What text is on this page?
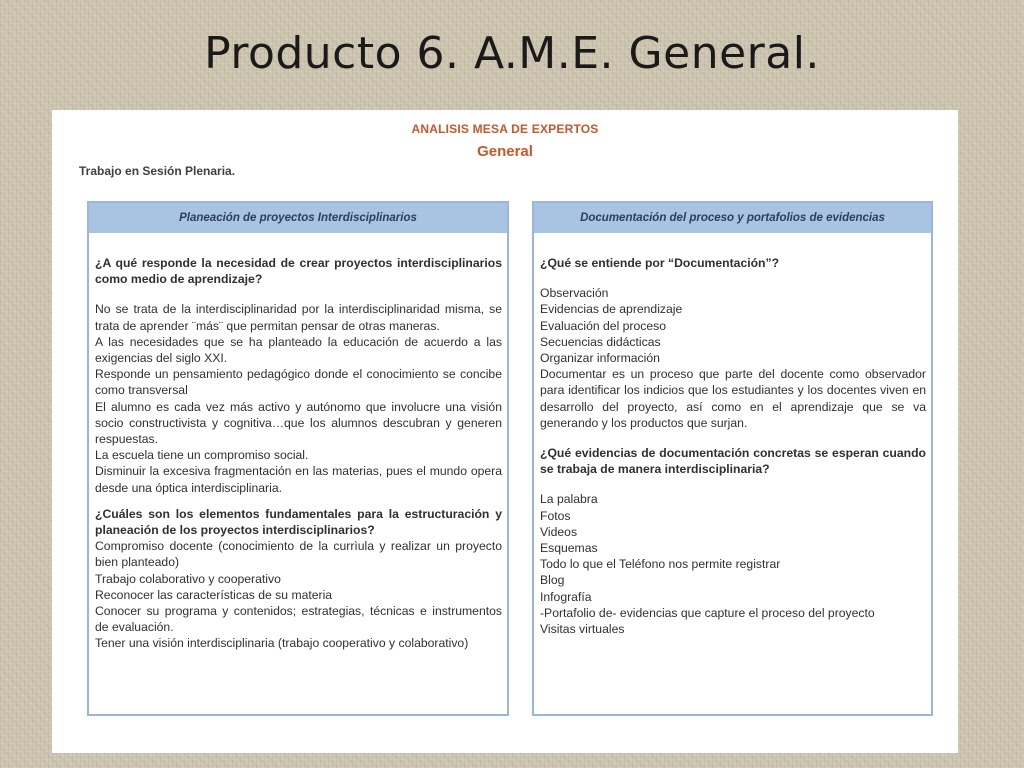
Producto 6. A.M.E. General.
ANALISIS MESA DE EXPERTOS
General
Trabajo en Sesión Plenaria.
Planeación de proyectos Interdisciplinarios

¿A qué responde la necesidad de crear proyectos interdisciplinarios como medio de aprendizaje?

No se trata de la interdisciplinaridad por la interdisciplinaridad misma, se trata de aprender ¨más¨ que permitan pensar de otras maneras.

A las necesidades que se ha planteado la educación de acuerdo a las exigencias del siglo XXI.

Responde un pensamiento pedagógico donde el conocimiento se concibe como transversal

El alumno es cada vez más activo y autónomo que involucre una visión socio constructivista y cognitiva…que los alumnos descubran y generen respuestas.

La escuela tiene un compromiso social.

Disminuir la excesiva fragmentación en las materias, pues el mundo opera desde una óptica interdisciplinaria.

¿Cuáles son los elementos fundamentales para la estructuración y planeación de los proyectos interdisciplinarios?

Compromiso docente (conocimiento de la currìula y realizar un proyecto bien planteado)

Trabajo colaborativo y cooperativo

Reconocer las características de su materia

Conocer su programa y contenidos; estrategias, técnicas e instrumentos de evaluación.

Tener una visión interdisciplinaria (trabajo cooperativo y colaborativo)

Documentación del proceso y portafolios de evidencias

¿Qué se entiende por “Documentación”?

Observación

Evidencias de aprendizaje

Evaluación del proceso

Secuencias didácticas

Organizar información

Documentar es un proceso que parte del docente como observador para identificar los indicios que los estudiantes y los docentes viven en desarrollo del proyecto, así como en el aprendizaje que se va generando y los productos que surjan.

¿Qué evidencias de documentación concretas se esperan cuando se trabaja de manera interdisciplinaria?

La palabra

Fotos

Videos

Esquemas

Todo lo que el Teléfono nos permite registrar

Blog

Infografía

-Portafolio de- evidencias que capture el proceso del proyecto

Visitas virtuales
